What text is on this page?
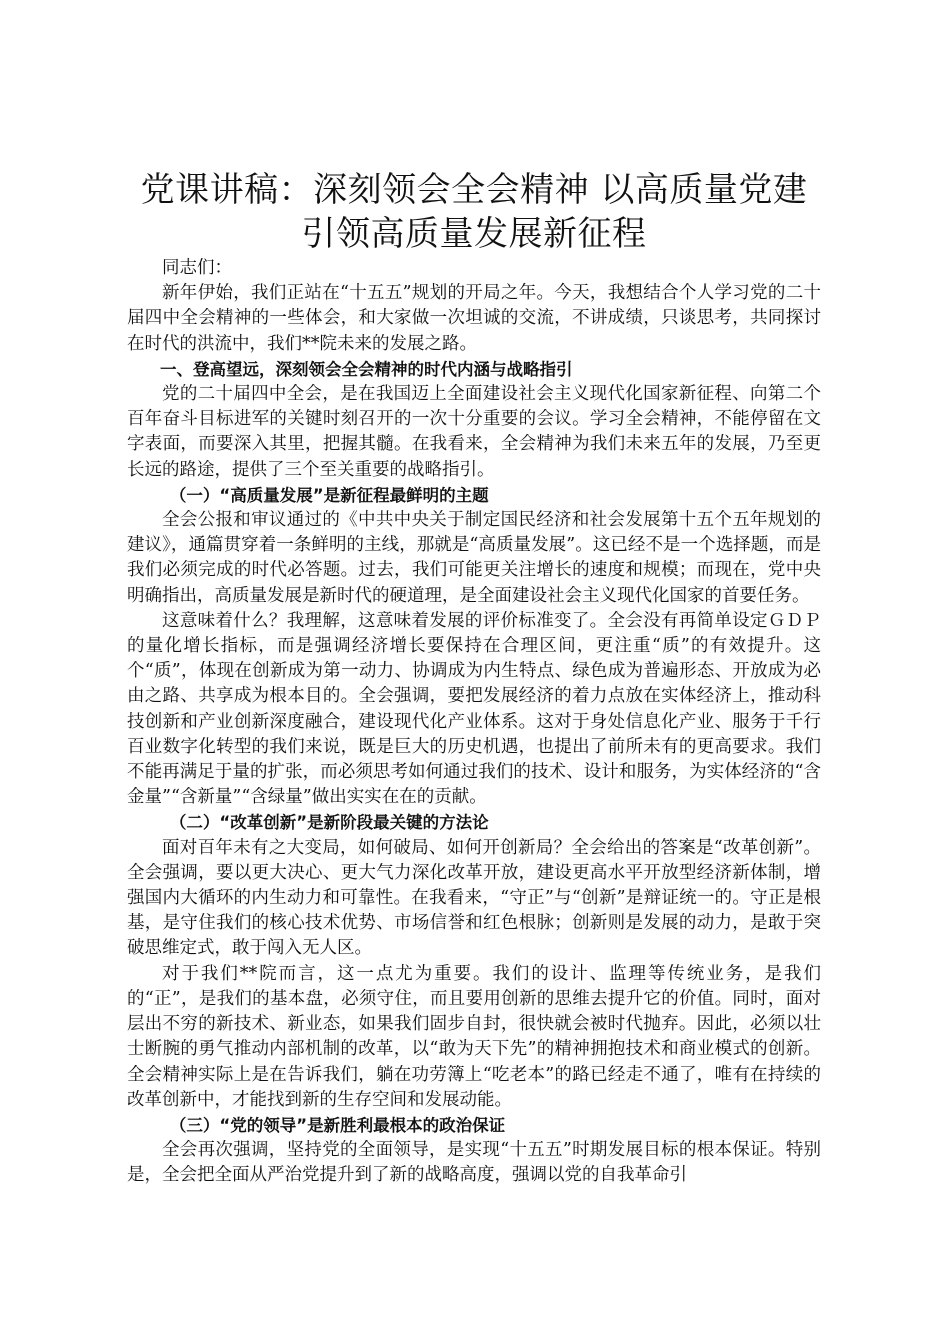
党课讲稿：深刻领会全会精神 以高质量党建引领高质量发展新征程

同志们：

新年伊始，我们正站在“十五五”规划的开局之年。今天，我想结合个人学习党的二十届四中全会精神的一些体会，和大家做一次坦诚的交流，不讲成绩，只谈思考，共同探讨在时代的洪流中，我们**院未来的发展之路。

一、登高望远，深刻领会全会精神的时代内涵与战略指引

党的二十届四中全会，是在我国迈上全面建设社会主义现代化国家新征程、向第二个百年奋斗目标进军的关键时刻召开的一次十分重要的会议。学习全会精神，不能停留在文字表面，而要深入其里，把握其髓。在我看来，全会精神为我们未来五年的发展，乃至更长远的路途，提供了三个至关重要的战略指引。

（一）“高质量发展”是新征程最鲜明的主题

全会公报和审议通过的《中共中央关于制定国民经济和社会发展第十五个五年规划的建议》，通篇贯穿着一条鲜明的主线，那就是“高质量发展”。这已经不是一个选择题，而是我们必须完成的时代必答题。过去，我们可能更关注增长的速度和规模；而现在，党中央明确指出，高质量发展是新时代的硬道理，是全面建设社会主义现代化国家的首要任务。

这意味着什么？我理解，这意味着发展的评价标准变了。全会没有再简单设定ＧＤＰ的量化增长指标，而是强调经济增长要保持在合理区间，更注重“质”的有效提升。这个“质”，体现在创新成为第一动力、协调成为内生特点、绿色成为普遍形态、开放成为必由之路、共享成为根本目的。全会强调，要把发展经济的着力点放在实体经济上，推动科技创新和产业创新深度融合，建设现代化产业体系。这对于身处信息化产业、服务于千行百业数字化转型的我们来说，既是巨大的历史机遇，也提出了前所未有的更高要求。我们不能再满足于量的扩张，而必须思考如何通过我们的技术、设计和服务，为实体经济的“含金量”“含新量”“含绿量”做出实实在在的贡献。

（二）“改革创新”是新阶段最关键的方法论

面对百年未有之大变局，如何破局、如何开创新局？全会给出的答案是“改革创新”。全会强调，要以更大决心、更大气力深化改革开放，建设更高水平开放型经济新体制，增强国内大循环的内生动力和可靠性。在我看来，“守正”与“创新”是辩证统一的。守正是根基，是守住我们的核心技术优势、市场信誉和红色根脉；创新则是发展的动力，是敢于突破思维定式，敢于闯入无人区。

对于我们**院而言，这一点尤为重要。我们的设计、监理等传统业务，是我们的“正”，是我们的基本盘，必须守住，而且要用创新的思维去提升它的价值。同时，面对层出不穷的新技术、新业态，如果我们固步自封，很快就会被时代抛弃。因此，必须以壮士断腕的勇气推动内部机制的改革，以“敢为天下先”的精神拥抱技术和商业模式的创新。全会精神实际上是在告诉我们，躺在功劳簿上“吃老本”的路已经走不通了，唯有在持续的改革创新中，才能找到新的生存空间和发展动能。

（三）“党的领导”是新胜利最根本的政治保证

全会再次强调，坚持党的全面领导，是实现“十五五”时期发展目标的根本保证。特别是，全会把全面从严治党提升到了新的战略高度，强调以党的自我革命引
